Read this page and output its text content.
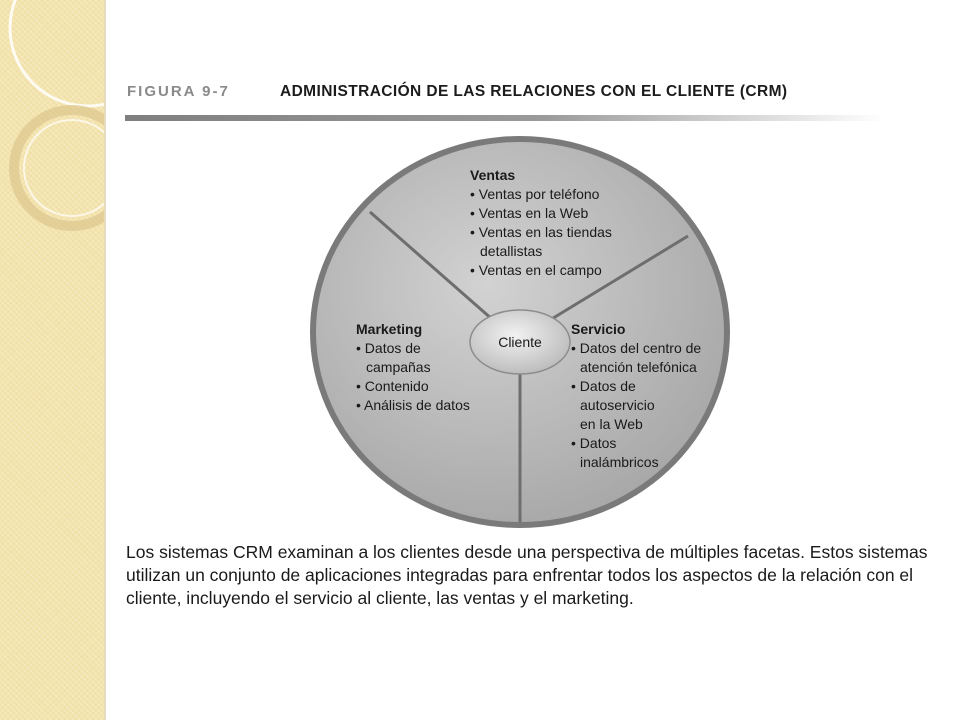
FIGURA 9-7	ADMINISTRACIÓN DE LAS RELACIONES CON EL CLIENTE (CRM)
Cliente
Ventas
• Ventas por teléfono
• Ventas en la Web
• Ventas en las tiendas
detallistas
• Ventas en el campo
Marketing
• Datos de
campañas
• Contenido
• Análisis de datos
Servicio
• Datos del centro de
atención telefónica
• Datos de
autoservicio
en la Web
• Datos
inalámbricos
Los sistemas CRM examinan a los clientes desde una perspectiva de múltiples facetas. Estos sistemas
utilizan un conjunto de aplicaciones integradas para enfrentar todos los aspectos de la relación con el
cliente, incluyendo el servicio al cliente, las ventas y el marketing.
